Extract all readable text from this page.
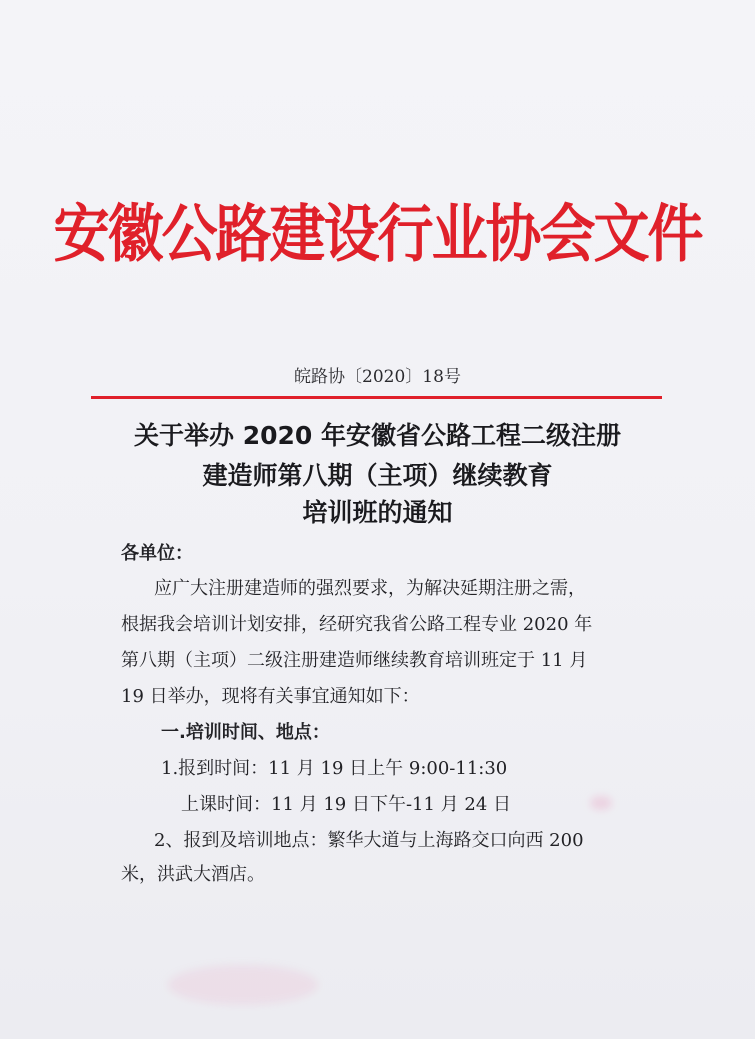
安徽公路建设行业协会文件
皖路协〔2020〕18号
关于举办 2020 年安徽省公路工程二级注册
建造师第八期（主项）继续教育
培训班的通知
各单位：
应广大注册建造师的强烈要求，为解决延期注册之需，
根据我会培训计划安排，经研究我省公路工程专业 2020 年
第八期（主项）二级注册建造师继续教育培训班定于 11 月
19 日举办，现将有关事宜通知如下：
一.培训时间、地点：
1.报到时间：11 月 19 日上午 9:00-11:30
上课时间：11 月 19 日下午-11 月 24 日
2、报到及培训地点：繁华大道与上海路交口向西 200
米，洪武大酒店。
